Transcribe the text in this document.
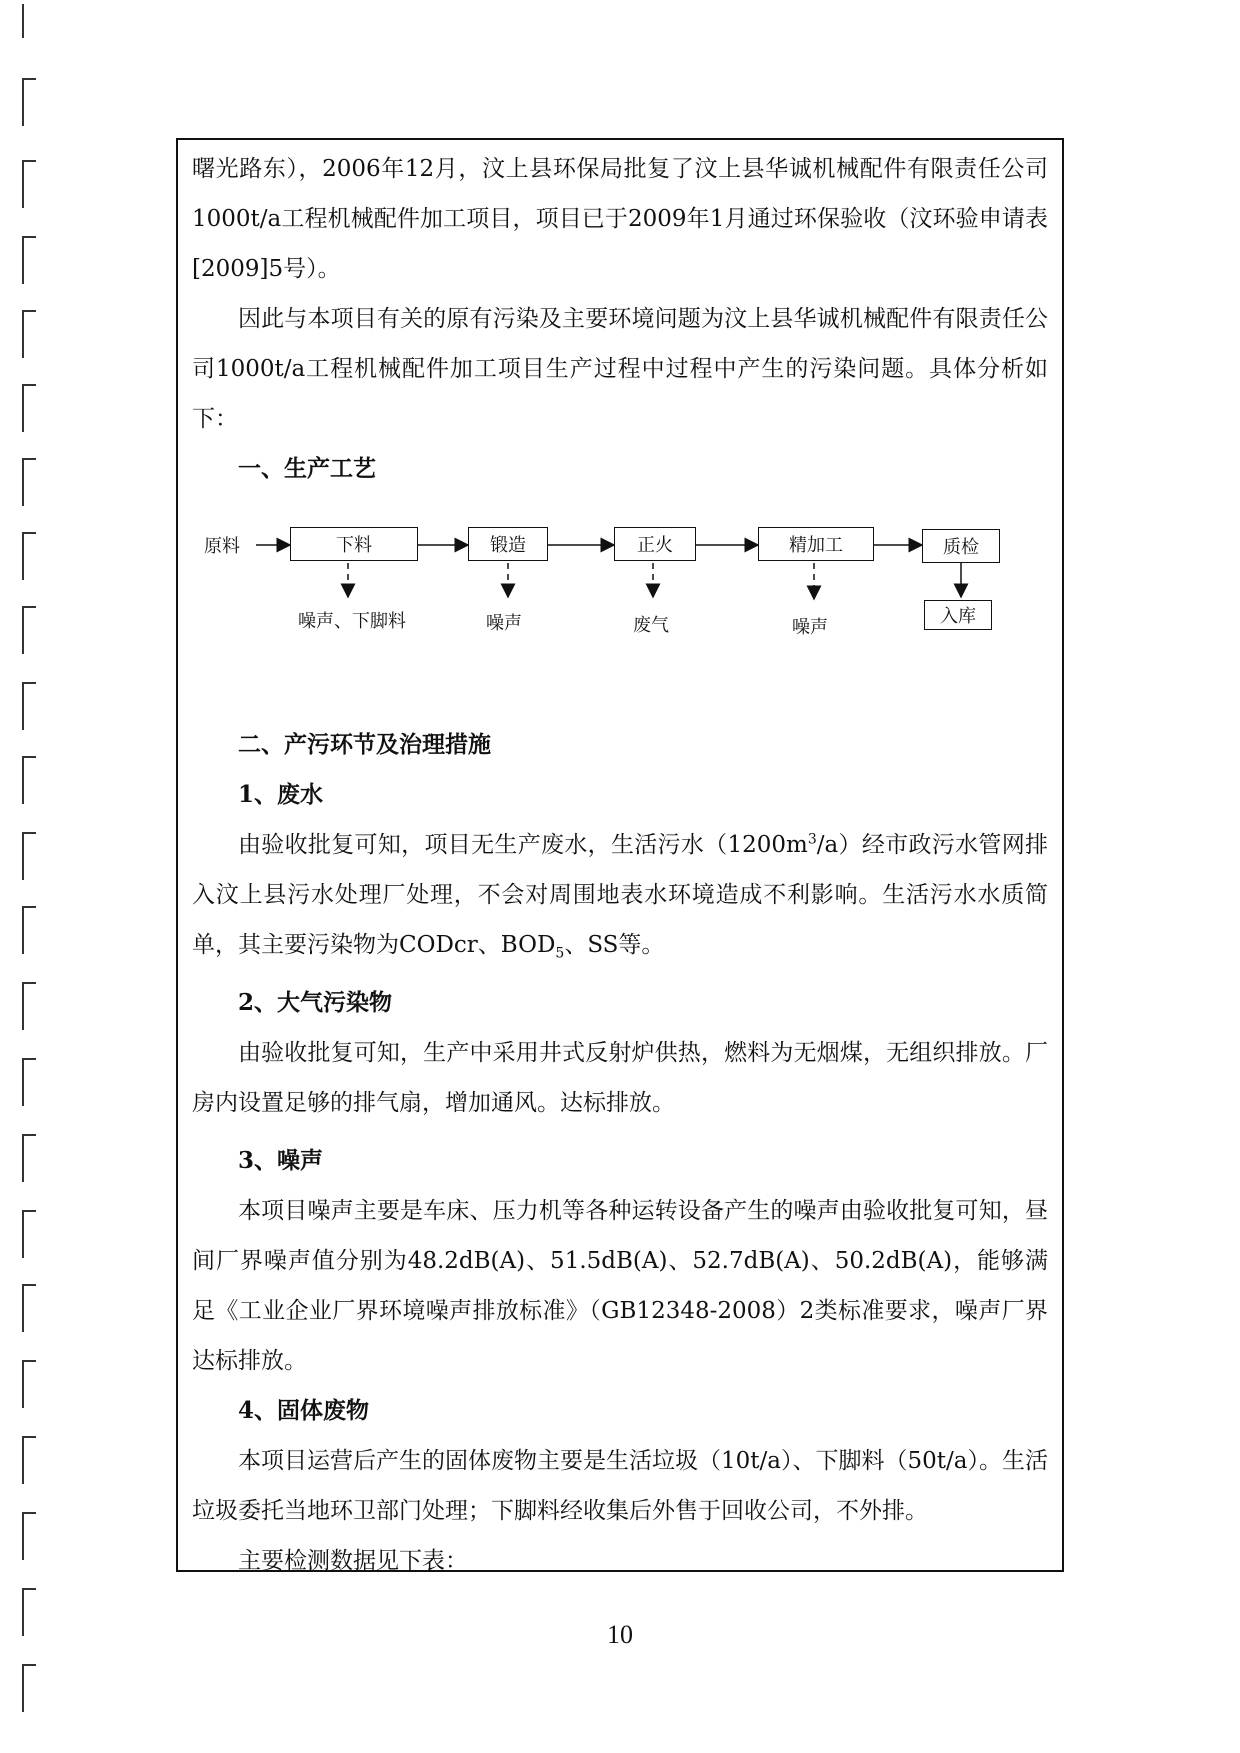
曙光路东），2006年12月，汶上县环保局批复了汶上县华诚机械配件有限责任公司1000t/a工程机械配件加工项目，项目已于2009年1月通过环保验收（汶环验申请表[2009]5号）。

因此与本项目有关的原有污染及主要环境问题为汶上县华诚机械配件有限责任公司1000t/a工程机械配件加工项目生产过程中过程中产生的污染问题。具体分析如下：

一、生产工艺
二、产污环节及治理措施
1、废水

由验收批复可知，项目无生产废水，生活污水$(1200m^3/a)$经市政污水管网排入汶上县污水处理厂处理，不会对周围地表水环境造成不利影响。生活污水水质简单，其主要污染物为CODcr、$BOD_5$、SS等。

2、大气污染物

由验收批复可知，生产中采用井式反射炉供热，燃料为无烟煤，无组织排放。厂房内设置足够的排气扇，增加通风。达标排放。

3、噪声

本项目噪声主要是车床、压力机等各种运转设备产生的噪声由验收批复可知，昼间厂界噪声值分别为48.2dB(A)、51.5dB(A)、52.7dB(A)、50.2dB(A)，能够满足《工业企业厂界环境噪声排放标准》（GB12348-2008）2类标准要求，噪声厂界达标排放。

4、固体废物

本项目运营后产生的固体废物主要是生活垃圾（10t/a）、下脚料（50t/a）。生活垃圾委托当地环卫部门处理；下脚料经收集后外售于回收公司，不外排。

主要检测数据见下表：

原料	下料	锻造	正火	精加工	质检
噪声、下脚料	噪声	废气	噪声
入库
10
